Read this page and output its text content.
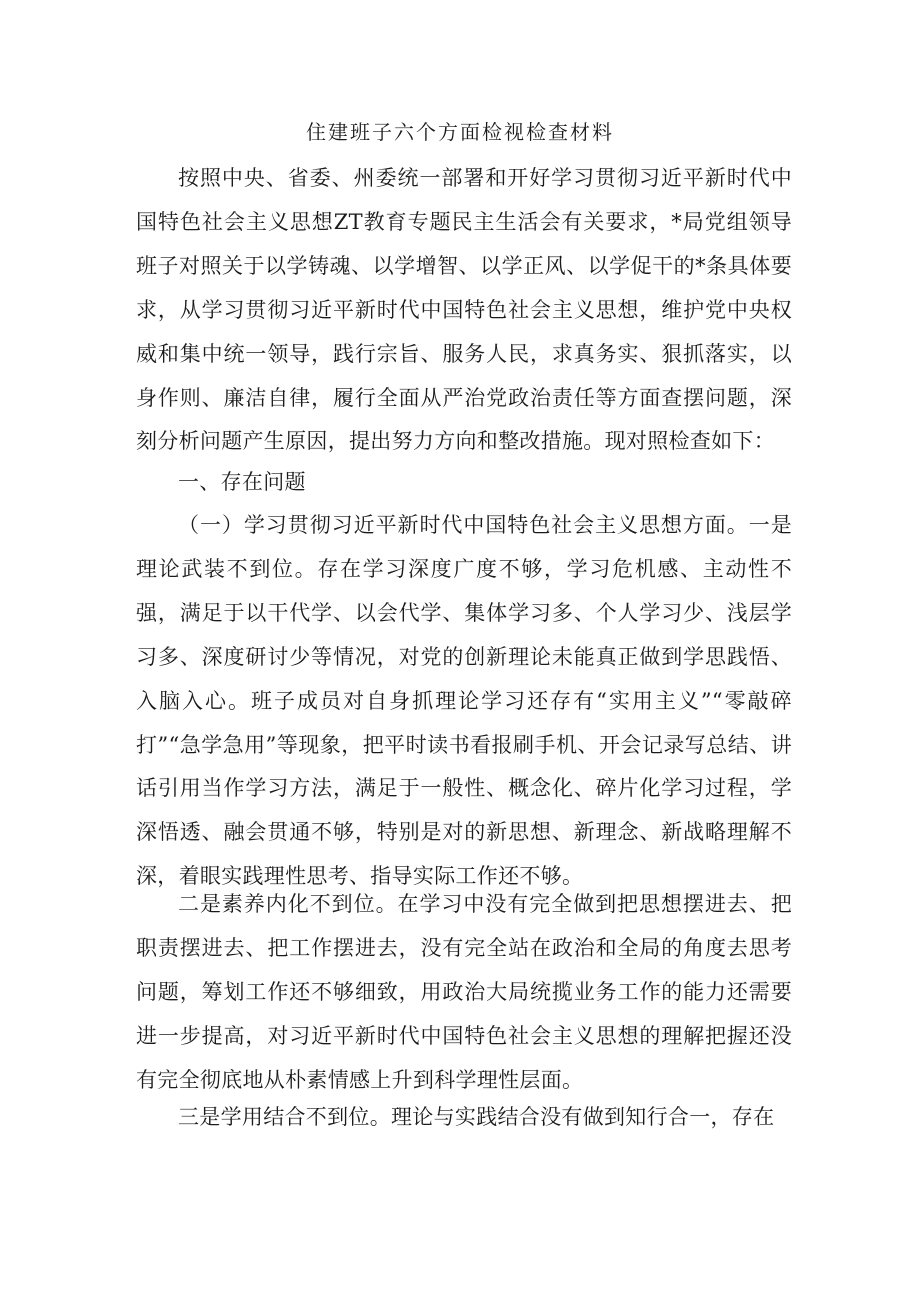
住建班子六个方面检视检查材料

按照中央、省委、州委统一部署和开好学习贯彻习近平新时代中国特色社会主义思想ZT教育专题民主生活会有关要求，*局党组领导班子对照关于以学铸魂、以学增智、以学正风、以学促干的*条具体要求，从学习贯彻习近平新时代中国特色社会主义思想，维护党中央权威和集中统一领导，践行宗旨、服务人民，求真务实、狠抓落实，以身作则、廉洁自律，履行全面从严治党政治责任等方面查摆问题，深刻分析问题产生原因，提出努力方向和整改措施。现对照检查如下：

一、存在问题

（一）学习贯彻习近平新时代中国特色社会主义思想方面。一是理论武装不到位。存在学习深度广度不够，学习危机感、主动性不强，满足于以干代学、以会代学、集体学习多、个人学习少、浅层学习多、深度研讨少等情况，对党的创新理论未能真正做到学思践悟、入脑入心。班子成员对自身抓理论学习还存有“实用主义”“零敲碎打”“急学急用”等现象，把平时读书看报刷手机、开会记录写总结、讲话引用当作学习方法，满足于一般性、概念化、碎片化学习过程，学深悟透、融会贯通不够，特别是对的新思想、新理念、新战略理解不深，着眼实践理性思考、指导实际工作还不够。

二是素养内化不到位。在学习中没有完全做到把思想摆进去、把职责摆进去、把工作摆进去，没有完全站在政治和全局的角度去思考问题，筹划工作还不够细致，用政治大局统揽业务工作的能力还需要进一步提高，对习近平新时代中国特色社会主义思想的理解把握还没有完全彻底地从朴素情感上升到科学理性层面。

三是学用结合不到位。理论与实践结合没有做到知行合一，存在
